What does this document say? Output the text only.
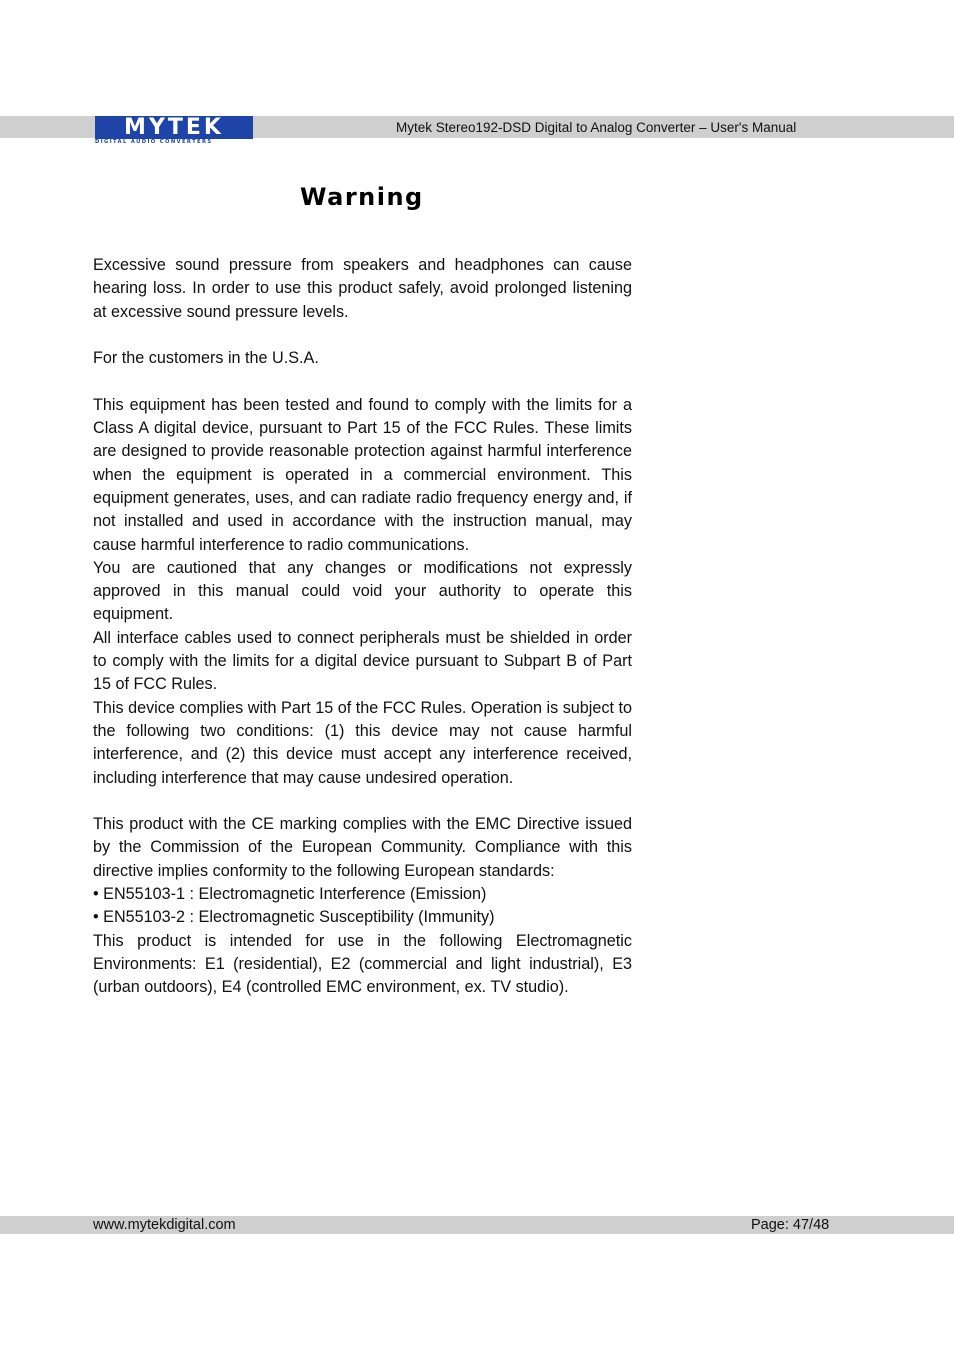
MYTEK
DIGITAL AUDIO CONVERTERS
Mytek Stereo192-DSD Digital to Analog Converter – User's Manual
Warning

Excessive sound pressure from speakers and headphones can cause hearing loss. In order to use this product safely, avoid prolonged listening at excessive sound pressure levels.

For the customers in the U.S.A.

This equipment has been tested and found to comply with the limits for a Class A digital device, pursuant to Part 15 of the FCC Rules. These limits are designed to provide reasonable protection against harmful interference when the equipment is operated in a commercial environment. This equipment generates, uses, and can radiate radio frequency energy and, if not installed and used in accordance with the instruction manual, may cause harmful interference to radio communications.

You are cautioned that any changes or modifications not expressly approved in this manual could void your authority to operate this equipment.

All interface cables used to connect peripherals must be shielded in order to comply with the limits for a digital device pursuant to Subpart B of Part 15 of FCC Rules.

This device complies with Part 15 of the FCC Rules. Operation is subject to the following two conditions: (1) this device may not cause harmful interference, and (2) this device must accept any interference received, including interference that may cause undesired operation.

This product with the CE marking complies with the EMC Directive issued by the Commission of the European Community. Compliance with this directive implies conformity to the following European standards:

• EN55103-1 : Electromagnetic Interference (Emission)

• EN55103-2 : Electromagnetic Susceptibility (Immunity)

This product is intended for use in the following Electromagnetic Environments: E1 (residential), E2 (commercial and light industrial), E3 (urban outdoors), E4 (controlled EMC environment, ex. TV studio).

www.mytekdigital.com	Page: 47/48
